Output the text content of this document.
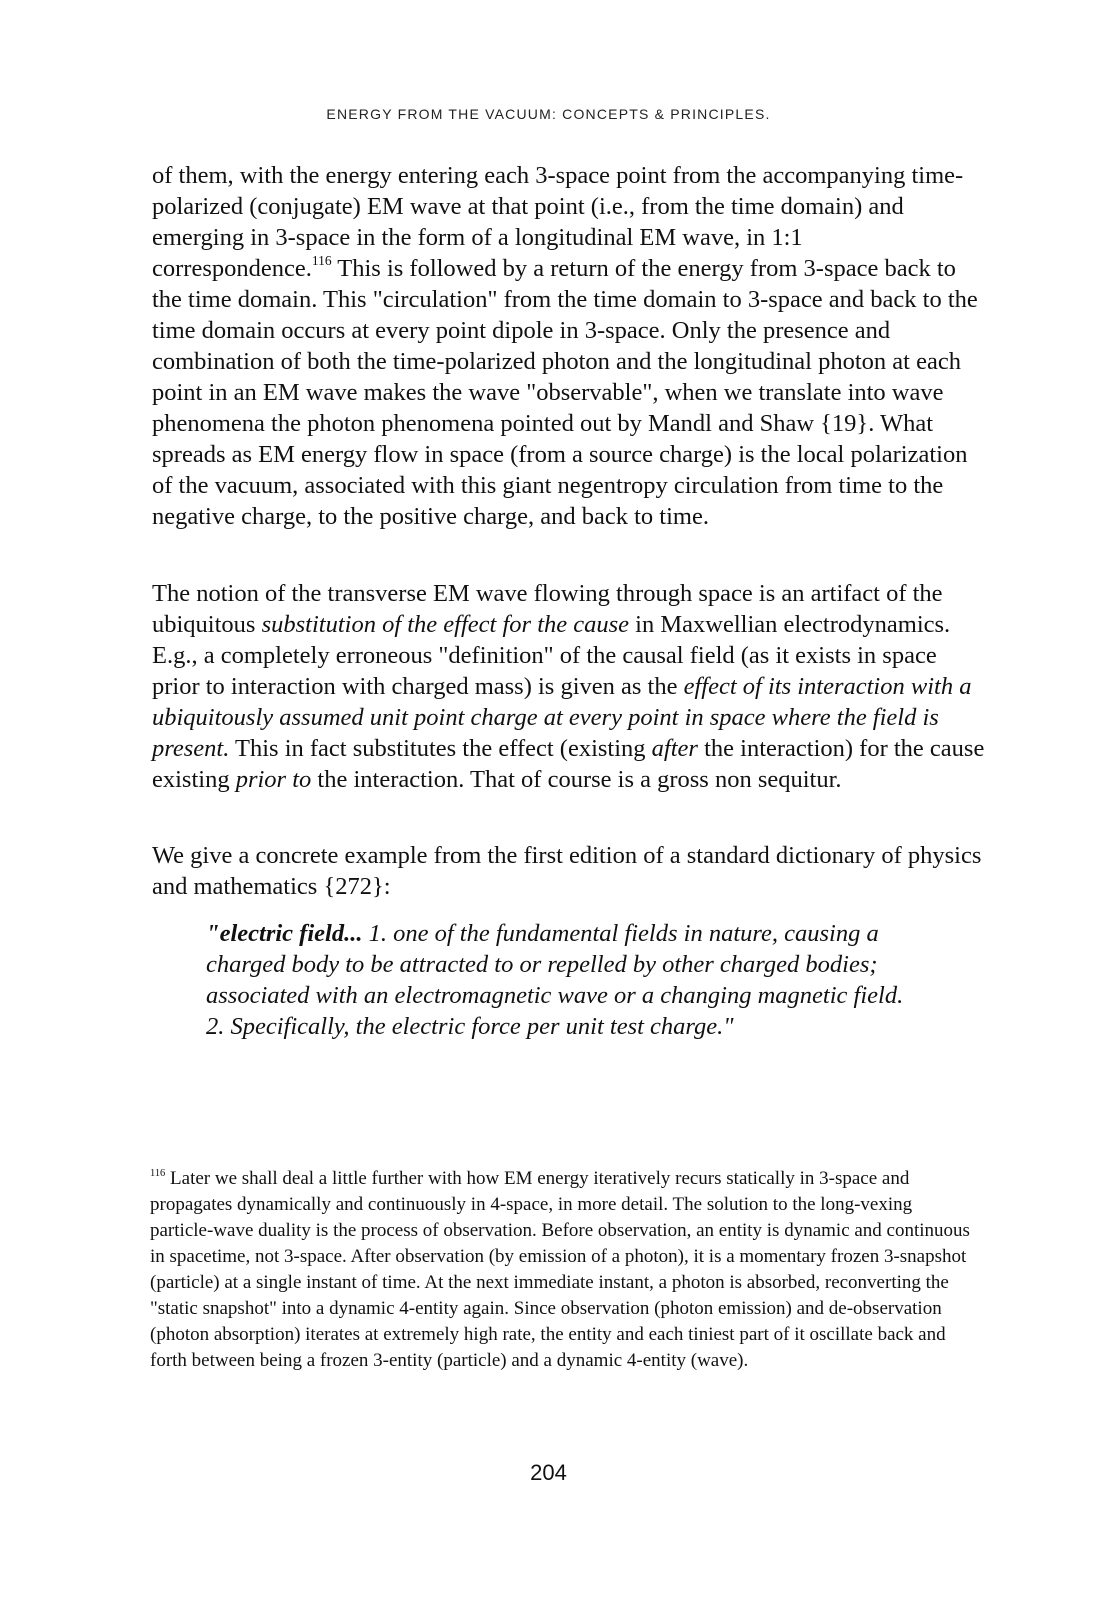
ENERGY FROM THE VACUUM: CONCEPTS & PRINCIPLES.

of them, with the energy entering each 3-space point from the accompanying time-polarized (conjugate) EM wave at that point (i.e., from the time domain) and emerging in 3-space in the form of a longitudinal EM wave, in 1:1 correspondence.$^{116}$ This is followed by a return of the energy from 3-space back to the time domain. This "circulation" from the time domain to 3-space and back to the time domain occurs at every point dipole in 3-space. Only the presence and combination of both the time-polarized photon and the longitudinal photon at each point in an EM wave makes the wave "observable", when we translate into wave phenomena the photon phenomena pointed out by Mandl and Shaw {19}. What spreads as EM energy flow in space (from a source charge) is the local polarization of the vacuum, associated with this giant negentropy circulation from time to the negative charge, to the positive charge, and back to time.

The notion of the transverse EM wave flowing through space is an artifact of the ubiquitous substitution of the effect for the cause in Maxwellian electrodynamics. E.g., a completely erroneous "definition" of the causal field (as it exists in space prior to interaction with charged mass) is given as the effect of its interaction with a ubiquitously assumed unit point charge at every point in space where the field is present. This in fact substitutes the effect (existing after the interaction) for the cause existing prior to the interaction. That of course is a gross non sequitur.

We give a concrete example from the first edition of a standard dictionary of physics and mathematics {272}:

"electric field... 1. one of the fundamental fields in nature, causing a charged body to be attracted to or repelled by other charged bodies; associated with an electromagnetic wave or a changing magnetic field. 2. Specifically, the electric force per unit test charge."

$^{116}$ Later we shall deal a little further with how EM energy iteratively recurs statically in 3-space and propagates dynamically and continuously in 4-space, in more detail. The solution to the long-vexing particle-wave duality is the process of observation. Before observation, an entity is dynamic and continuous in spacetime, not 3-space. After observation (by emission of a photon), it is a momentary frozen 3-snapshot (particle) at a single instant of time. At the next immediate instant, a photon is absorbed, reconverting the "static snapshot" into a dynamic 4-entity again. Since observation (photon emission) and de-observation (photon absorption) iterates at extremely high rate, the entity and each tiniest part of it oscillate back and forth between being a frozen 3-entity (particle) and a dynamic 4-entity (wave).

204
